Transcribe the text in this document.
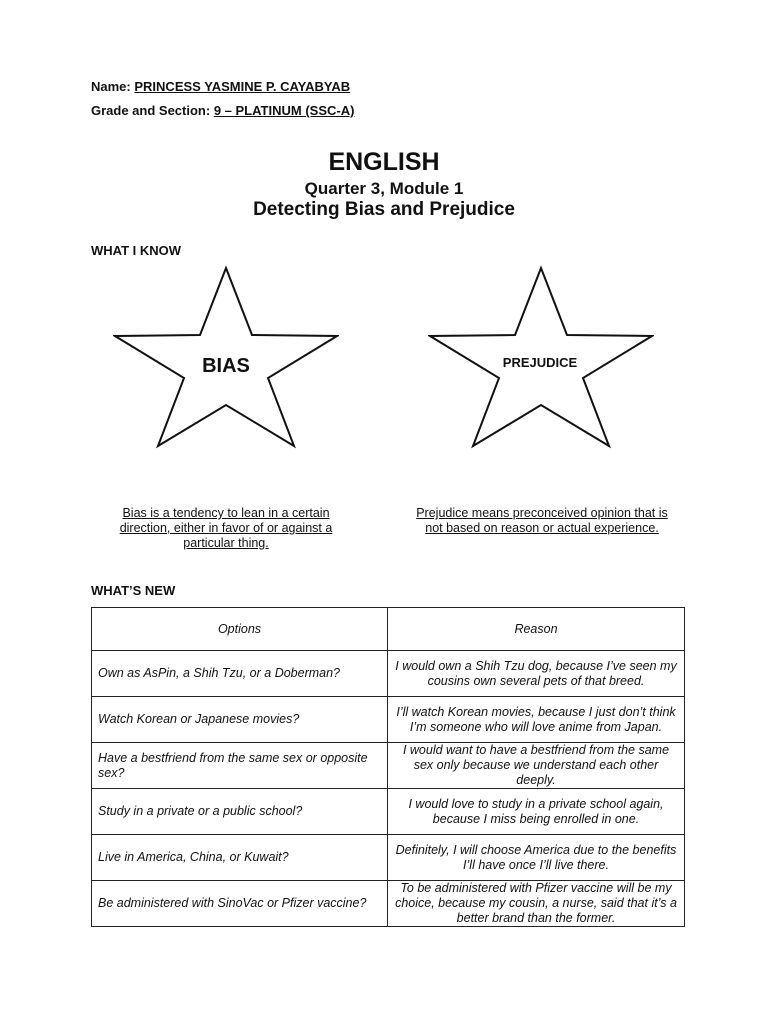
Name: PRINCESS YASMINE P. CAYABYAB
Grade and Section: 9 – PLATINUM (SSC-A)
ENGLISH
Quarter 3, Module 1
Detecting Bias and Prejudice
WHAT I KNOW
BIAS	PREJUDICE
Bias is a tendency to lean in a certain direction, either in favor of or against a particular thing.
Prejudice means preconceived opinion that is not based on reason or actual experience.
WHAT’S NEW
Options	Reason
Own as AsPin, a Shih Tzu, or a Doberman?	I would own a Shih Tzu dog, because I’ve seen my cousins own several pets of that breed.
Watch Korean or Japanese movies?	I’ll watch Korean movies, because I just don’t think I’m someone who will love anime from Japan.
Have a bestfriend from the same sex or opposite sex?	I would want to have a bestfriend from the same sex only because we understand each other deeply.
Study in a private or a public school?	I would love to study in a private school again, because I miss being enrolled in one.
Live in America, China, or Kuwait?	Definitely, I will choose America due to the benefits I’ll have once I’ll live there.
Be administered with SinoVac or Pfizer vaccine?	To be administered with Pfizer vaccine will be my choice, because my cousin, a nurse, said that it’s a better brand than the former.
